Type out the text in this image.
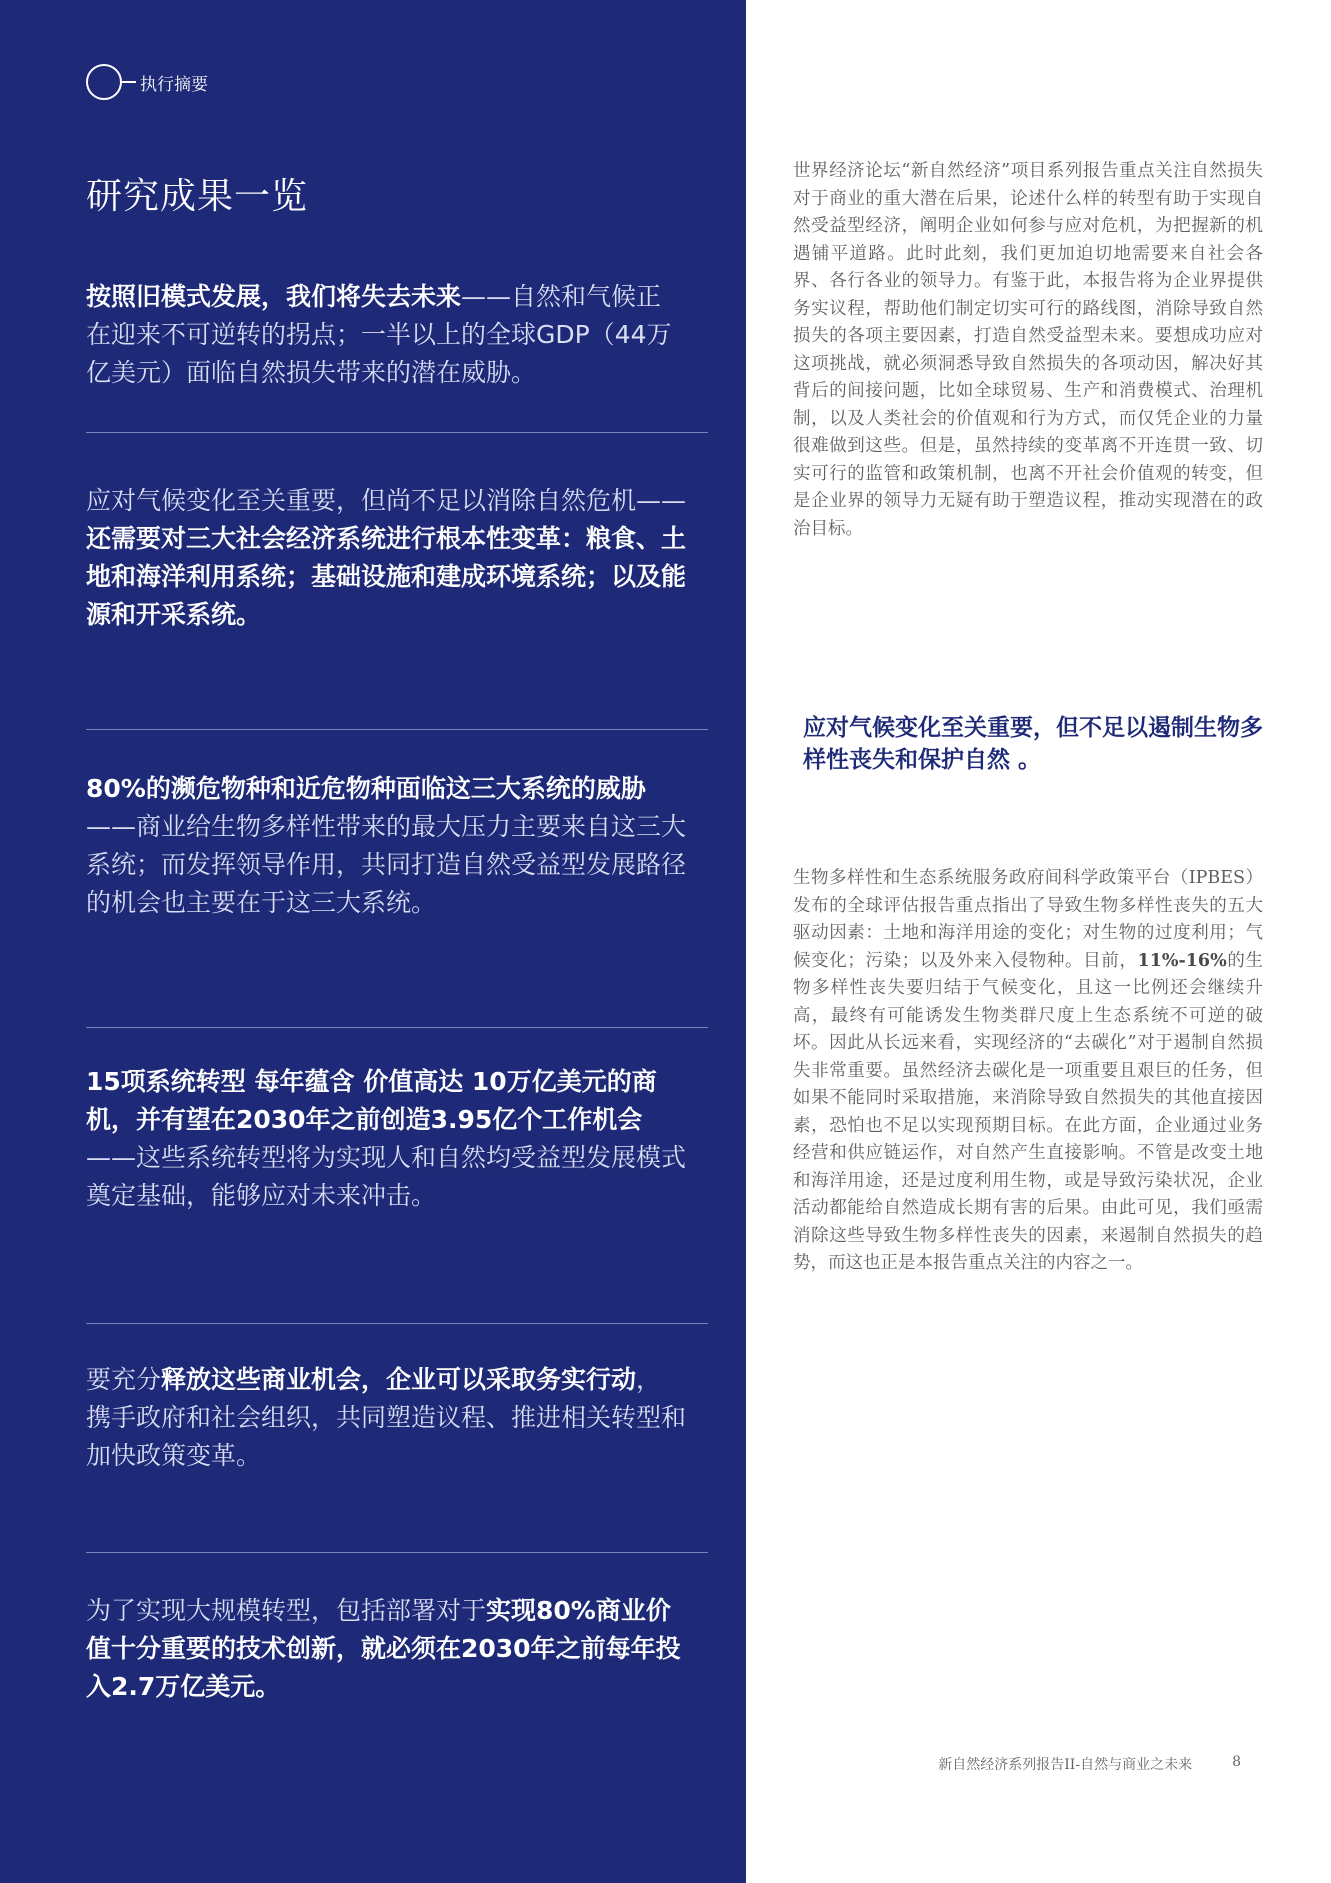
执行摘要
研究成果一览

按照旧模式发展，我们将失去未来——自然和气候正在迎来不可逆转的拐点；一半以上的全球GDP（44万亿美元）面临自然损失带来的潜在威胁。

应对气候变化至关重要，但尚不足以消除自然危机——还需要对三大社会经济系统进行根本性变革：粮食、土地和海洋利用系统；基础设施和建成环境系统；以及能源和开采系统。

80%的濒危物种和近危物种面临这三大系统的威胁——商业给生物多样性带来的最大压力主要来自这三大系统；而发挥领导作用，共同打造自然受益型发展路径的机会也主要在于这三大系统。

15项系统转型 每年蕴含 价值高达 10万亿美元的商机，并有望在2030年之前创造3.95亿个工作机会——这些系统转型将为实现人和自然均受益型发展模式奠定基础，能够应对未来冲击。

要充分释放这些商业机会，企业可以采取务实行动，携手政府和社会组织，共同塑造议程、推进相关转型和加快政策变革。

为了实现大规模转型，包括部署对于实现80%商业价值十分重要的技术创新，就必须在2030年之前每年投入2.7万亿美元。

世界经济论坛“新自然经济”项目系列报告重点关注自然损失对于商业的重大潜在后果，论述什么样的转型有助于实现自然受益型经济，阐明企业如何参与应对危机，为把握新的机遇铺平道路。此时此刻，我们更加迫切地需要来自社会各界、各行各业的领导力。有鉴于此，本报告将为企业界提供务实议程，帮助他们制定切实可行的路线图，消除导致自然损失的各项主要因素，打造自然受益型未来。要想成功应对这项挑战，就必须洞悉导致自然损失的各项动因，解决好其背后的间接问题，比如全球贸易、生产和消费模式、治理机制，以及人类社会的价值观和行为方式，而仅凭企业的力量很难做到这些。但是，虽然持续的变革离不开连贯一致、切实可行的监管和政策机制，也离不开社会价值观的转变，但是企业界的领导力无疑有助于塑造议程，推动实现潜在的政治目标。

应对气候变化至关重要，但不足以遏制生物多样性丧失和保护自然 。

生物多样性和生态系统服务政府间科学政策平台（IPBES）发布的全球评估报告重点指出了导致生物多样性丧失的五大驱动因素：土地和海洋用途的变化；对生物的过度利用；气候变化；污染；以及外来入侵物种。目前，11%-16%的生物多样性丧失要归结于气候变化，且这一比例还会继续升高，最终有可能诱发生物类群尺度上生态系统不可逆的破坏。因此从长远来看，实现经济的“去碳化”对于遏制自然损失非常重要。虽然经济去碳化是一项重要且艰巨的任务，但如果不能同时采取措施，来消除导致自然损失的其他直接因素，恐怕也不足以实现预期目标。在此方面，企业通过业务经营和供应链运作，对自然产生直接影响。不管是改变土地和海洋用途，还是过度利用生物，或是导致污染状况，企业活动都能给自然造成长期有害的后果。由此可见，我们亟需消除这些导致生物多样性丧失的因素，来遏制自然损失的趋势，而这也正是本报告重点关注的内容之一。

新自然经济系列报告II-自然与商业之未来	8
